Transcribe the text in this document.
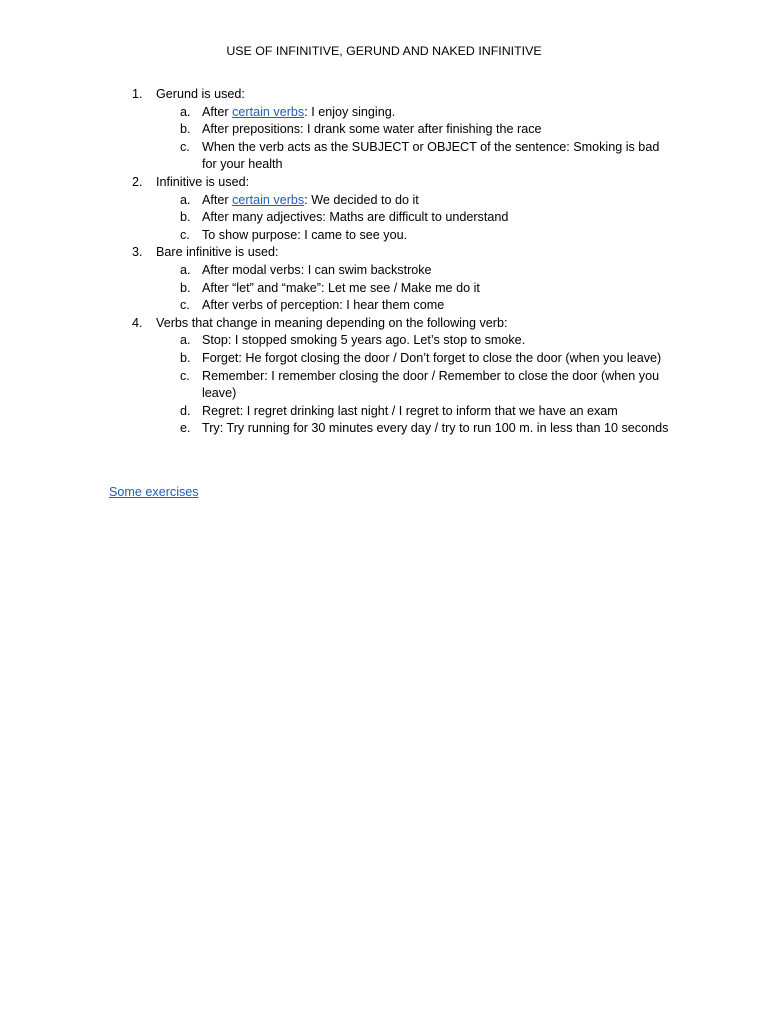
USE OF INFINITIVE, GERUND AND NAKED INFINITIVE
1. Gerund is used:
a. After certain verbs: I enjoy singing.
b. After prepositions: I drank some water after finishing the race
c. When the verb acts as the SUBJECT or OBJECT of the sentence: Smoking is bad for your health
2. Infinitive is used:
a. After certain verbs: We decided to do it
b. After many adjectives: Maths are difficult to understand
c. To show purpose: I came to see you.
3. Bare infinitive is used:
a. After modal verbs: I can swim backstroke
b. After “let” and “make”: Let me see / Make me do it
c. After verbs of perception: I hear them come
4. Verbs that change in meaning depending on the following verb:
a. Stop: I stopped smoking 5 years ago. Let’s stop to smoke.
b. Forget: He forgot closing the door / Don’t forget to close the door (when you leave)
c. Remember: I remember closing the door / Remember to close the door (when you leave)
d. Regret: I regret drinking last night / I regret to inform that we have an exam
e. Try: Try running for 30 minutes every day / try to run 100 m. in less than 10 seconds
Some exercises
